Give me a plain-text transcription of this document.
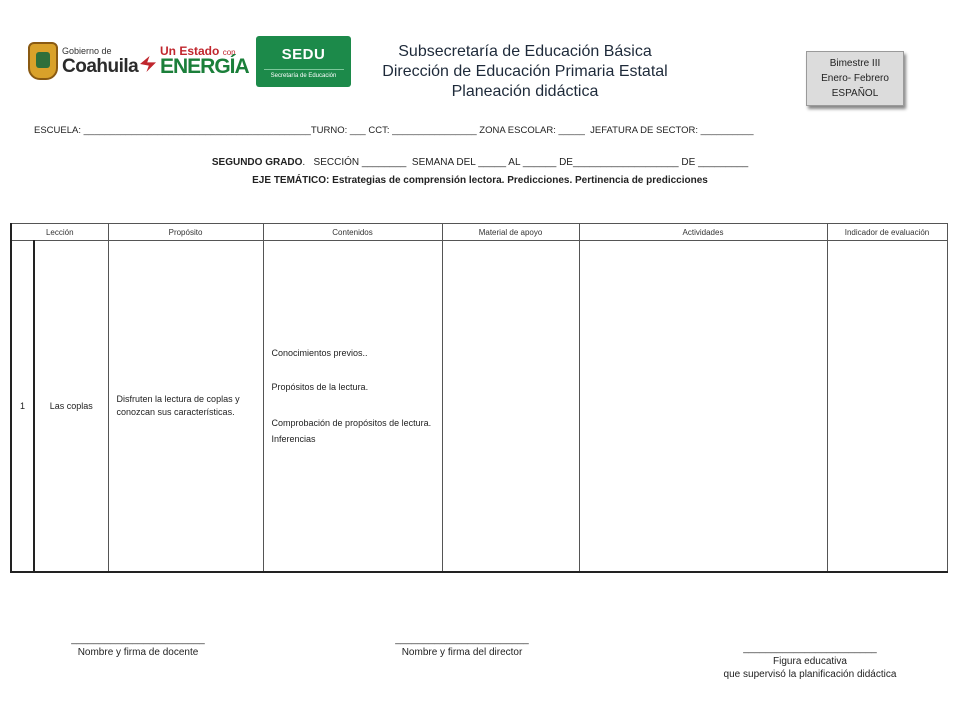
Gobierno de
Coahuila
Un Estado con
ENERGÍA
SEDU
Secretaría de Educación
Subsecretaría de Educación Básica
Dirección de Educación Primaria Estatal
Planeación didáctica
Bimestre III
Enero- Febrero
ESPAÑOL
ESCUELA: ___________________________________________TURNO: ___ CCT: ________________ ZONA ESCOLAR: _____  JEFATURA DE SECTOR: __________
SEGUNDO GRADO.   SECCIÓN ________  SEMANA DEL _____ AL ______ DE___________________ DE _________
EJE TEMÁTICO: Estrategias de comprensión lectora. Predicciones. Pertinencia de predicciones
Lección		Propósito	Contenidos	Material de apoyo	Actividades	Indicador de evaluación
1	Las coplas	Disfruten la lectura de coplas y conozcan sus características.	Conocimientos previos..
Propósitos de la lectura.
Comprobación de propósitos de lectura.
Inferencias			

________________________
Nombre y firma de docente
________________________
Nombre y firma del director	________________________
Figura educativa
que supervisó la planificación didáctica
